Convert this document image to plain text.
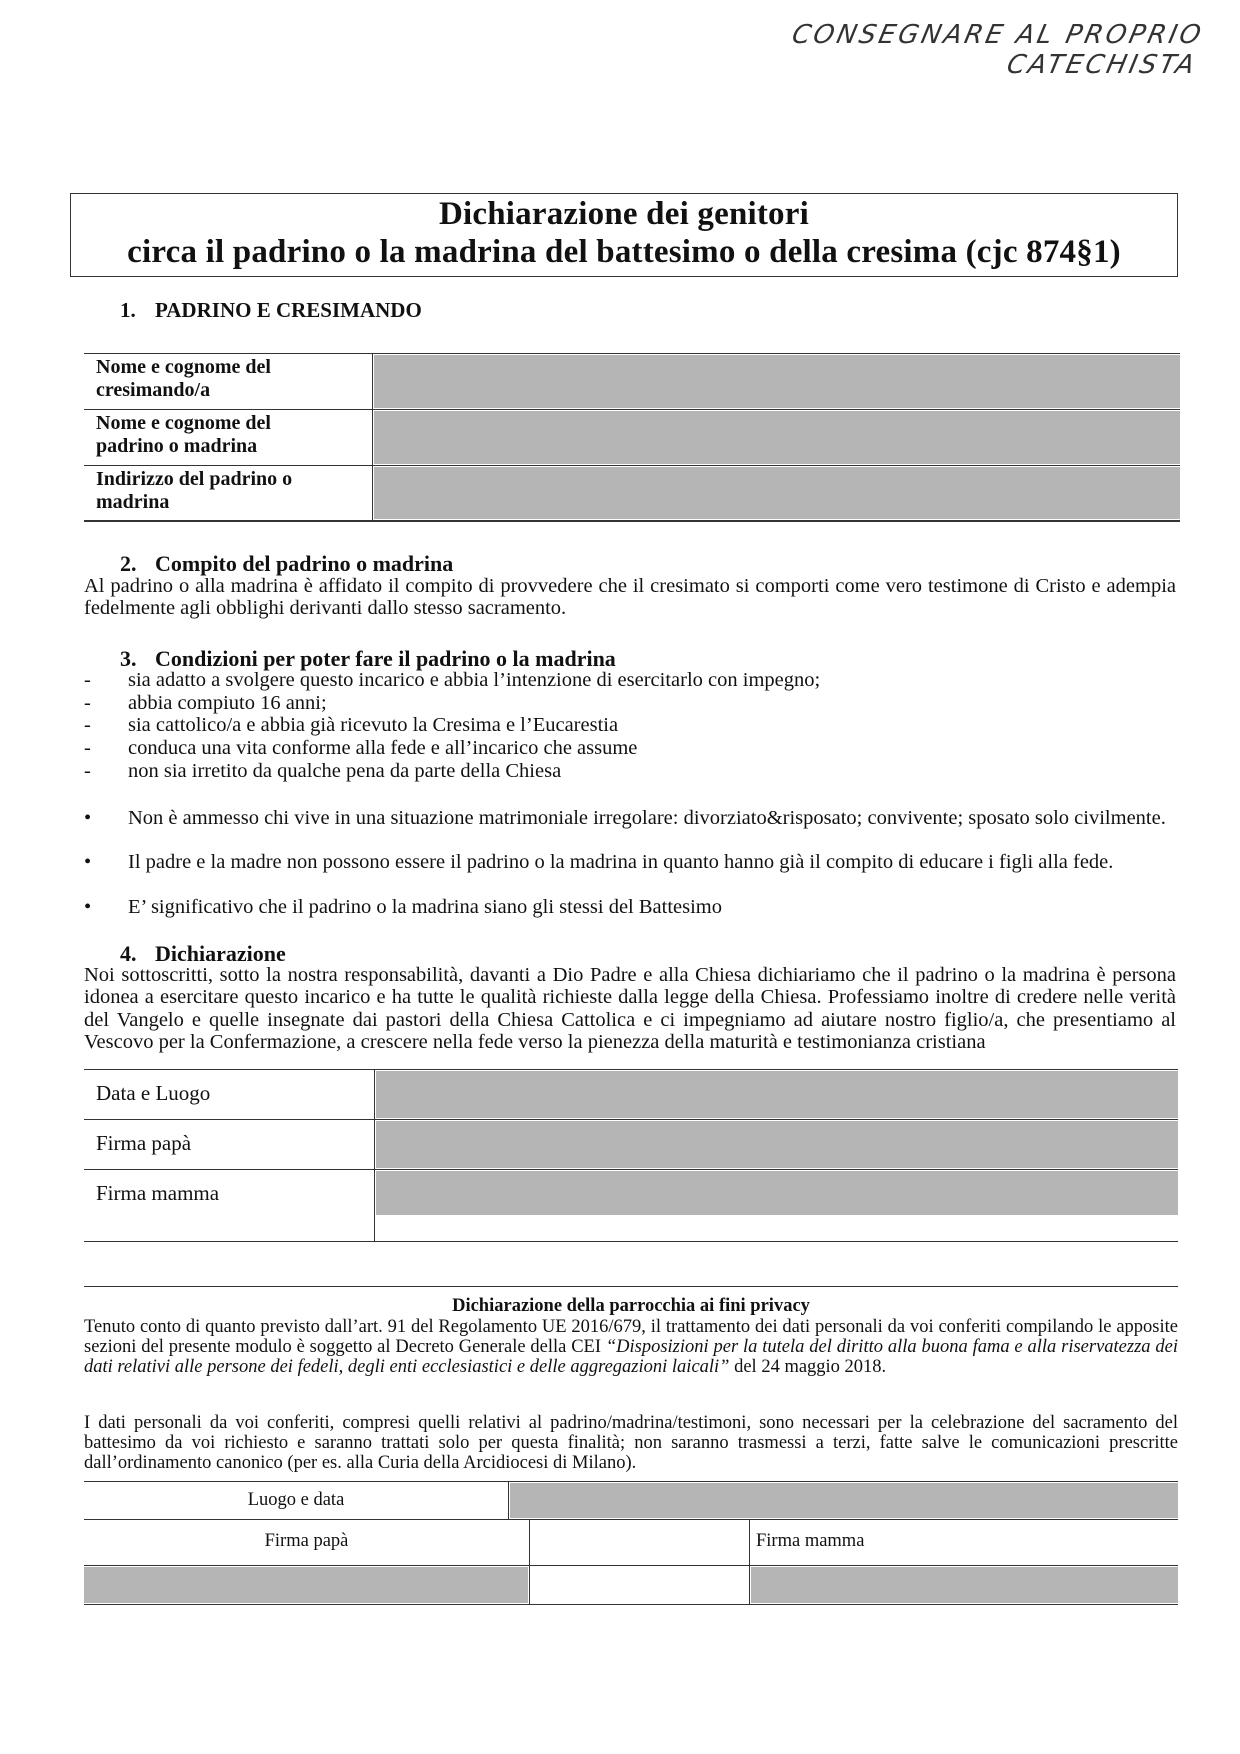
CONSEGNARE AL PROPRIO CATECHISTA
Dichiarazione dei genitori
circa il padrino o la madrina del battesimo o della cresima (cjc 874§1)
1. PADRINO E CRESIMANDO
Nome e cognome del
cresimando/a
Nome e cognome del
padrino o madrina
Indirizzo del padrino o
madrina
2. Compito del padrino o madrina
Al padrino o alla madrina è affidato il compito di provvedere che il cresimato si comporti come vero testimone di Cristo e adempia fedelmente agli obblighi derivanti dallo stesso sacramento.
3. Condizioni per poter fare il padrino o la madrina
- sia adatto a svolgere questo incarico e abbia l’intenzione di esercitarlo con impegno;
- abbia compiuto 16 anni;
- sia cattolico/a e abbia già ricevuto la Cresima e l’Eucarestia
- conduca una vita conforme alla fede e all’incarico che assume
- non sia irretito da qualche pena da parte della Chiesa
• Non è ammesso chi vive in una situazione matrimoniale irregolare: divorziato&risposato; convivente; sposato solo civilmente.
• Il padre e la madre non possono essere il padrino o la madrina in quanto hanno già il compito di educare i figli alla fede.
• E’ significativo che il padrino o la madrina siano gli stessi del Battesimo
4. Dichiarazione
Noi sottoscritti, sotto la nostra responsabilità, davanti a Dio Padre e alla Chiesa dichiariamo che il padrino o la madrina è persona idonea a esercitare questo incarico e ha tutte le qualità richieste dalla legge della Chiesa. Professiamo inoltre di credere nelle verità del Vangelo e quelle insegnate dai pastori della Chiesa Cattolica e ci impegniamo ad aiutare nostro figlio/a, che presentiamo al Vescovo per la Confermazione, a crescere nella fede verso la pienezza della maturità e testimonianza cristiana
Data e Luogo
Firma papà
Firma mamma
Dichiarazione della parrocchia ai fini privacy
Tenuto conto di quanto previsto dall’art. 91 del Regolamento UE 2016/679, il trattamento dei dati personali da voi conferiti compilando le apposite sezioni del presente modulo è soggetto al Decreto Generale della CEI “Disposizioni per la tutela del diritto alla buona fama e alla riservatezza dei dati relativi alle persone dei fedeli, degli enti ecclesiastici e delle aggregazioni laicali” del 24 maggio 2018.
I dati personali da voi conferiti, compresi quelli relativi al padrino/madrina/testimoni, sono necessari per la celebrazione del sacramento del battesimo da voi richiesto e saranno trattati solo per questa finalità; non saranno trasmessi a terzi, fatte salve le comunicazioni prescritte dall’ordinamento canonico (per es. alla Curia della Arcidiocesi di Milano).
Luogo e data
Firma papà	Firma mamma
